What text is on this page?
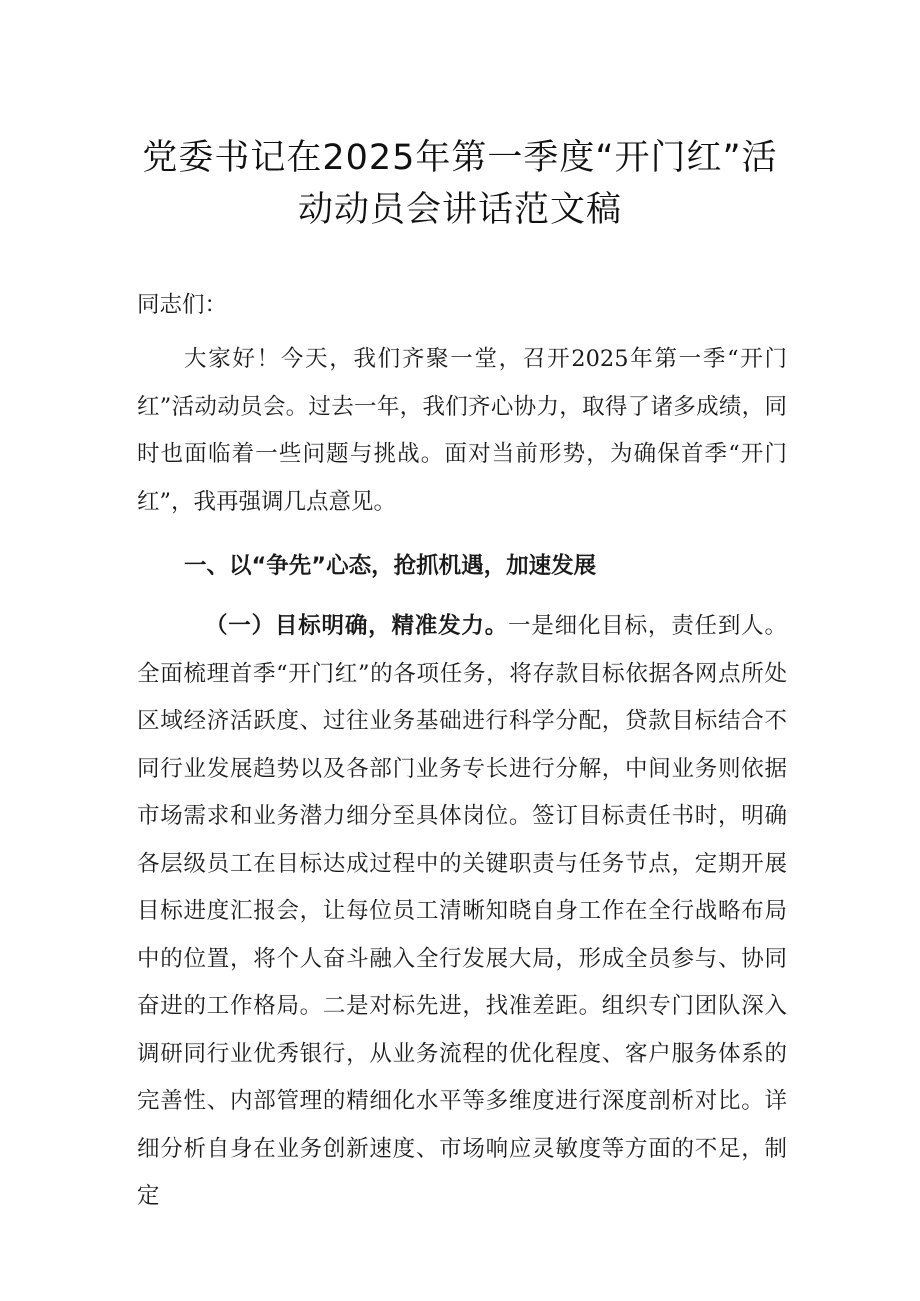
党委书记在2025年第一季度“开门红”活
动动员会讲话范文稿
同志们：
大家好！今天，我们齐聚一堂，召开2025年第一季“开门红”活动动员会。过去一年，我们齐心协力，取得了诸多成绩，同时也面临着一些问题与挑战。面对当前形势，为确保首季“开门红”，我再强调几点意见。
一、以“争先”心态，抢抓机遇，加速发展
（一）目标明确，精准发力。一是细化目标，责任到人。全面梳理首季“开门红”的各项任务，将存款目标依据各网点所处区域经济活跃度、过往业务基础进行科学分配，贷款目标结合不同行业发展趋势以及各部门业务专长进行分解，中间业务则依据市场需求和业务潜力细分至具体岗位。签订目标责任书时，明确各层级员工在目标达成过程中的关键职责与任务节点，定期开展目标进度汇报会，让每位员工清晰知晓自身工作在全行战略布局中的位置，将个人奋斗融入全行发展大局，形成全员参与、协同奋进的工作格局。二是对标先进，找准差距。组织专门团队深入调研同行业优秀银行，从业务流程的优化程度、客户服务体系的完善性、内部管理的精细化水平等多维度进行深度剖析对比。详细分析自身在业务创新速度、市场响应灵敏度等方面的不足，制定
